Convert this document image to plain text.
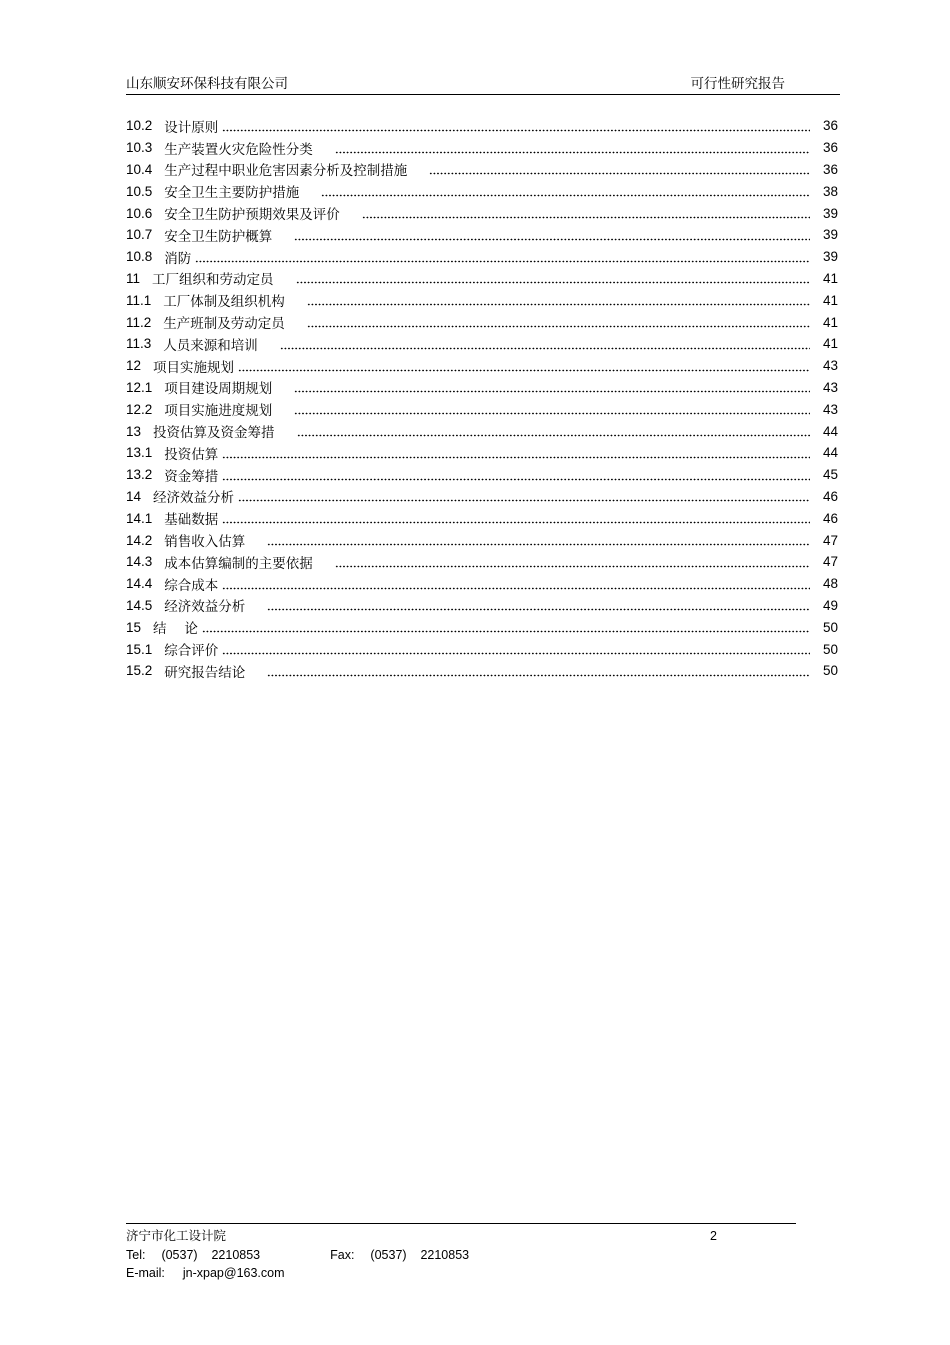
山东顺安环保科技有限公司	可行性研究报告
10.2 设计原则	36
10.3 生产装置火灾危险性分类	36
10.4 生产过程中职业危害因素分析及控制措施	36
10.5 安全卫生主要防护措施	38
10.6 安全卫生防护预期效果及评价	39
10.7 安全卫生防护概算	39
10.8 消防	39
11 工厂组织和劳动定员	41
11.1 工厂体制及组织机构	41
11.2 生产班制及劳动定员	41
11.3 人员来源和培训	41
12 项目实施规划	43
12.1 项目建设周期规划	43
12.2 项目实施进度规划	43
13 投资估算及资金筹措	44
13.1 投资估算	44
13.2 资金筹措	45
14 经济效益分析	46
14.1 基础数据	46
14.2 销售收入估算	47
14.3 成本估算编制的主要依据	47
14.4 综合成本	48
14.5 经济效益分析	49
15 结　 论	50
15.1 综合评价	50
15.2 研究报告结论	50
济宁市化工设计院	2
Tel: (0537)    2210853	Fax: (0537)    2210853
E-mail: jn-xpap@163.com
